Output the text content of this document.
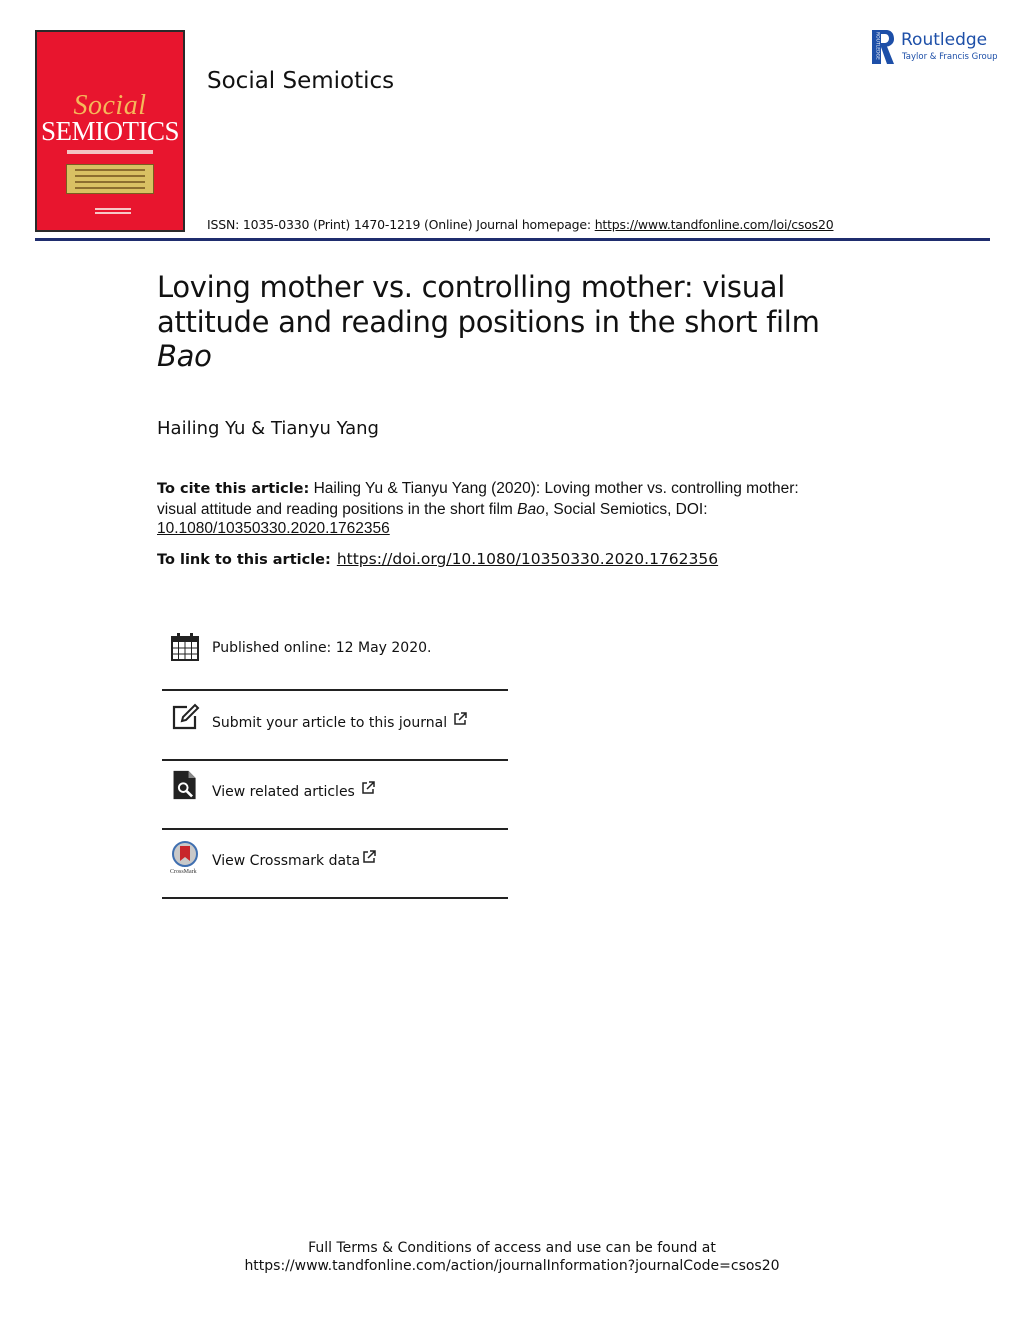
Social
SEMIOTICS
Social Semiotics
ISSN: 1035-0330 (Print) 1470-1219 (Online) Journal homepage: https://www.tandfonline.com/loi/csos20
ROUTLEDGE Routledge
Taylor & Francis Group
Loving mother vs. controlling mother: visual attitude and reading positions in the short film
Bao
Hailing Yu & Tianyu Yang
To cite this article: Hailing Yu & Tianyu Yang (2020): Loving mother vs. controlling mother: visual attitude and reading positions in the short film Bao, Social Semiotics, DOI:
10.1080/10350330.2020.1762356
To link to this article: https://doi.org/10.1080/10350330.2020.1762356
Published online: 12 May 2020.
Submit your article to this journal
View related articles
CrossMark
View Crossmark data
Full Terms & Conditions of access and use can be found at
https://www.tandfonline.com/action/journalInformation?journalCode=csos20
